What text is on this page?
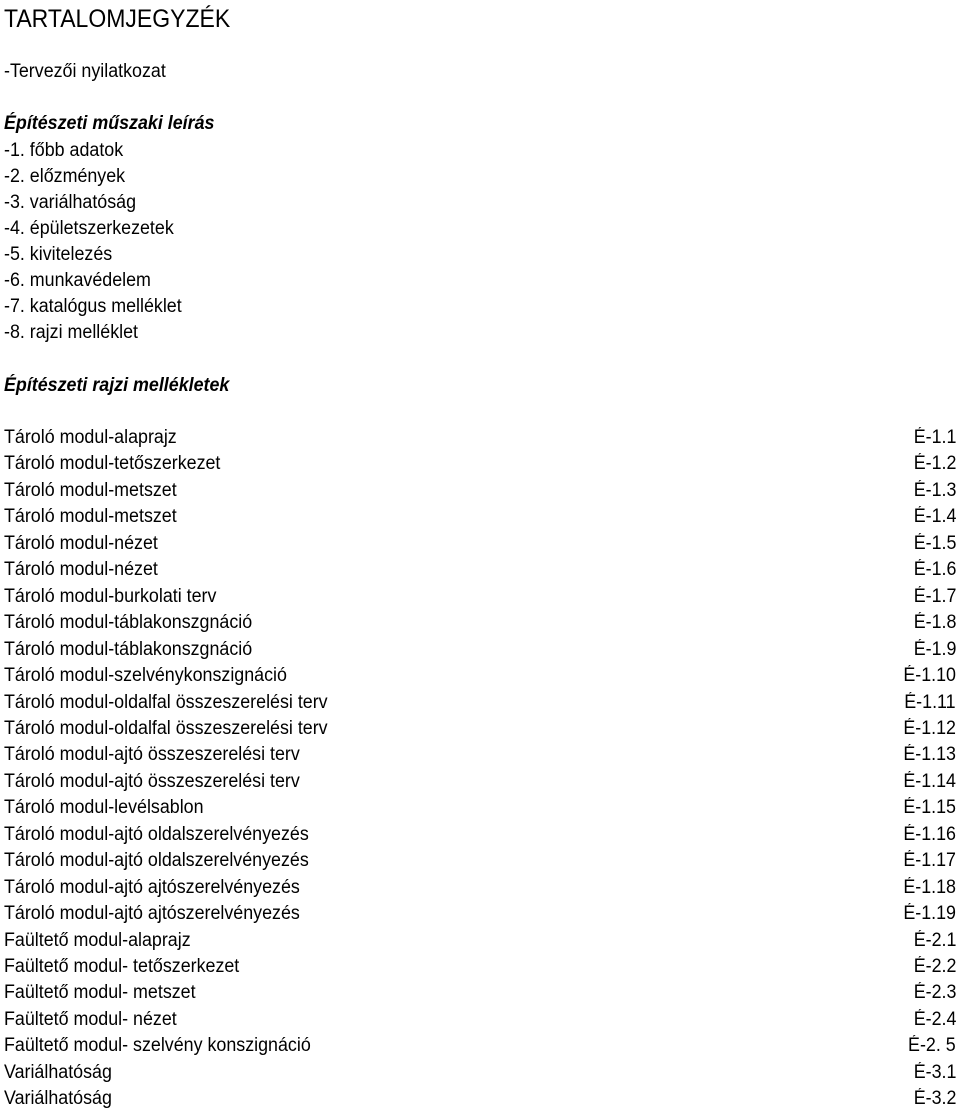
TARTALOMJEGYZÉK
-Tervezői nyilatkozat
Építészeti műszaki leírás
-1. főbb adatok
-2. előzmények
-3. variálhatóság
-4. épületszerkezetek
-5. kivitelezés
-6. munkavédelem
-7. katalógus melléklet
-8. rajzi melléklet
Építészeti rajzi mellékletek
Tároló modul-alaprajz	É-1.1
Tároló modul-tetőszerkezet	É-1.2
Tároló modul-metszet	É-1.3
Tároló modul-metszet	É-1.4
Tároló modul-nézet	É-1.5
Tároló modul-nézet	É-1.6
Tároló modul-burkolati terv	É-1.7
Tároló modul-táblakonszgnáció	É-1.8
Tároló modul-táblakonszgnáció	É-1.9
Tároló modul-szelvénykonszignáció	É-1.10
Tároló modul-oldalfal összeszerelési terv	É-1.11
Tároló modul-oldalfal összeszerelési terv	É-1.12
Tároló modul-ajtó összeszerelési terv	É-1.13
Tároló modul-ajtó összeszerelési terv	É-1.14
Tároló modul-levélsablon	É-1.15
Tároló modul-ajtó oldalszerelvényezés	É-1.16
Tároló modul-ajtó oldalszerelvényezés	É-1.17
Tároló modul-ajtó ajtószerelvényezés	É-1.18
Tároló modul-ajtó ajtószerelvényezés	É-1.19
Faültető modul-alaprajz	É-2.1
Faültető modul- tetőszerkezet	É-2.2
Faültető modul- metszet	É-2.3
Faültető modul- nézet	É-2.4
Faültető modul- szelvény konszignáció	É-2. 5
Variálhatóság	É-3.1
Variálhatóság	É-3.2
